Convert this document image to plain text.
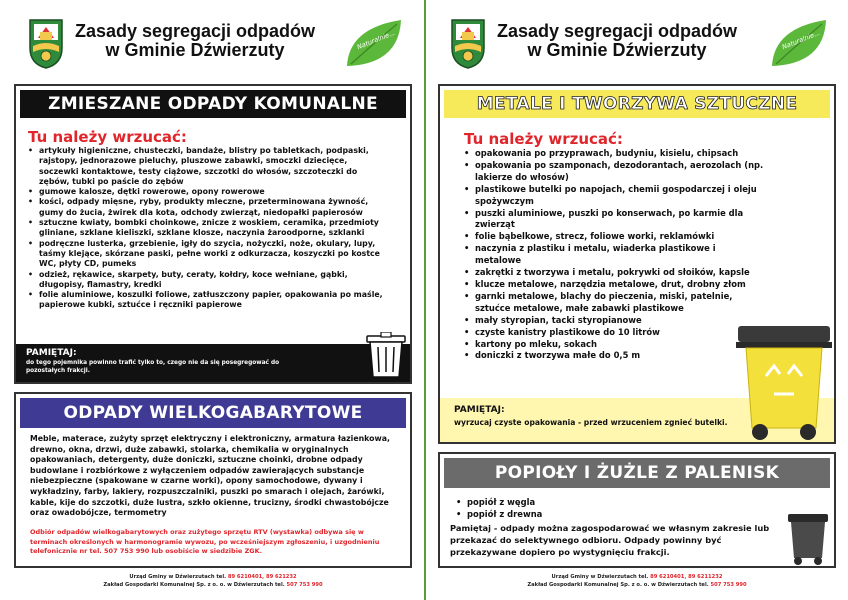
Zasady segregacji odpadów
w Gminie Dźwierzuty	Naturalnie...
ZMIESZANE ODPADY KOMUNALNE
Tu należy wrzucać:
• artykuły higieniczne, chusteczki, bandaże, blistry po tabletkach, podpaski, rajstopy, jednorazowe pieluchy, pluszowe zabawki, smoczki dziecięce, soczewki kontaktowe, testy ciążowe, szczotki do włosów, szczoteczki do zębów, tubki po paście do zębów
• gumowe kalosze, dętki rowerowe, opony rowerowe
• kości, odpady mięsne, ryby, produkty mleczne, przeterminowana żywność, gumy do żucia, żwirek dla kota, odchody zwierząt, niedopałki papierosów
• sztuczne kwiaty, bombki choinkowe, znicze z woskiem, ceramika, przedmioty gliniane, szklane kieliszki, szklane klosze, naczynia żaroodporne, szklanki
• podręczne lusterka, grzebienie, igły do szycia, nożyczki, noże, okulary, lupy, taśmy klejące, skórzane paski, pełne worki z odkurzacza, koszyczki po kostce WC, płyty CD, pumeks
• odzież, rękawice, skarpety, buty, ceraty, kołdry, koce wełniane, gąbki, długopisy, flamastry, kredki
• folie aluminiowe, koszulki foliowe, zatłuszczony papier, opakowania po maśle, papierowe kubki, sztućce i ręczniki papierowe
PAMIĘTAJ:
do tego pojemnika powinno trafić tylko to, czego nie da się posegregować do pozostałych frakcji.
ODPADY WIELKOGABARYTOWE
Meble, materace, zużyty sprzęt elektryczny i elektroniczny, armatura łazienkowa, drewno, okna, drzwi, duże zabawki, stolarka, chemikalia w oryginalnych opakowaniach, detergenty, duże doniczki, sztuczne choinki, drobne odpady budowlane i rozbiórkowe z wyłączeniem odpadów zawierających substancje niebezpieczne (spakowane w czarne worki), opony samochodowe, dywany i wykładziny, farby, lakiery, rozpuszczalniki, puszki po smarach i olejach, żarówki, kable, kije do szczotki, duże lustra, szkło okienne, trucizny, środki chwastobójcze oraz owadobójcze, termometry
Odbiór odpadów wielkogabarytowych oraz zużytego sprzętu RTV (wystawka) odbywa się w terminach określonych w harmonogramie wywozu, po wcześniejszym zgłoszeniu, i uzgodnieniu telefonicznie nr tel. 507 753 990 lub osobiście w siedzibie ZGK.
Urząd Gminy w Dźwierzutach tel. 89 6210401, 89 621232
Zakład Gospodarki Komunalnej Sp. z o. o. w Dźwierzutach tel. 507 753 990
Zasady segregacji odpadów
w Gminie Dźwierzuty	Naturalnie...
METALE I TWORZYWA SZTUCZNE
Tu należy wrzucać:
• opakowania po przyprawach, budyniu, kisielu, chipsach
• opakowania po szamponach, dezodorantach, aerozolach (np. lakierze do włosów)
• plastikowe butelki po napojach, chemii gospodarczej i oleju spożywczym
• puszki aluminiowe, puszki po konserwach, po karmie dla zwierząt
• folie bąbelkowe, strecz, foliowe worki, reklamówki
• naczynia z plastiku i metalu, wiaderka plastikowe i metalowe
• zakrętki z tworzywa i metalu, pokrywki od słoików, kapsle
• klucze metalowe, narzędzia metalowe, drut, drobny złom
• garnki metalowe, blachy do pieczenia, miski, patelnie, sztućce metalowe, małe zabawki plastikowe
• mały styropian, tacki styropianowe
• czyste kanistry plastikowe do 10 litrów
• kartony po mleku, sokach
• doniczki z tworzywa małe do 0,5 m
PAMIĘTAJ:
wyrzucaj czyste opakowania - przed wrzuceniem zgnieć butelki.
POPIOŁY I ŻUŻLE Z PALENISK
• popiół z węgla
• popiół z drewna
Pamiętaj - odpady można zagospodarować we własnym zakresie lub przekazać do selektywnego odbioru. Odpady powinny być przekazywane dopiero po wystygnięciu frakcji.
Urząd Gminy w Dźwierzutach tel. 89 6210401, 89 6211232
Zakład Gospodarki Komunalnej Sp. z o. o. w Dźwierzutach tel. 507 753 990
